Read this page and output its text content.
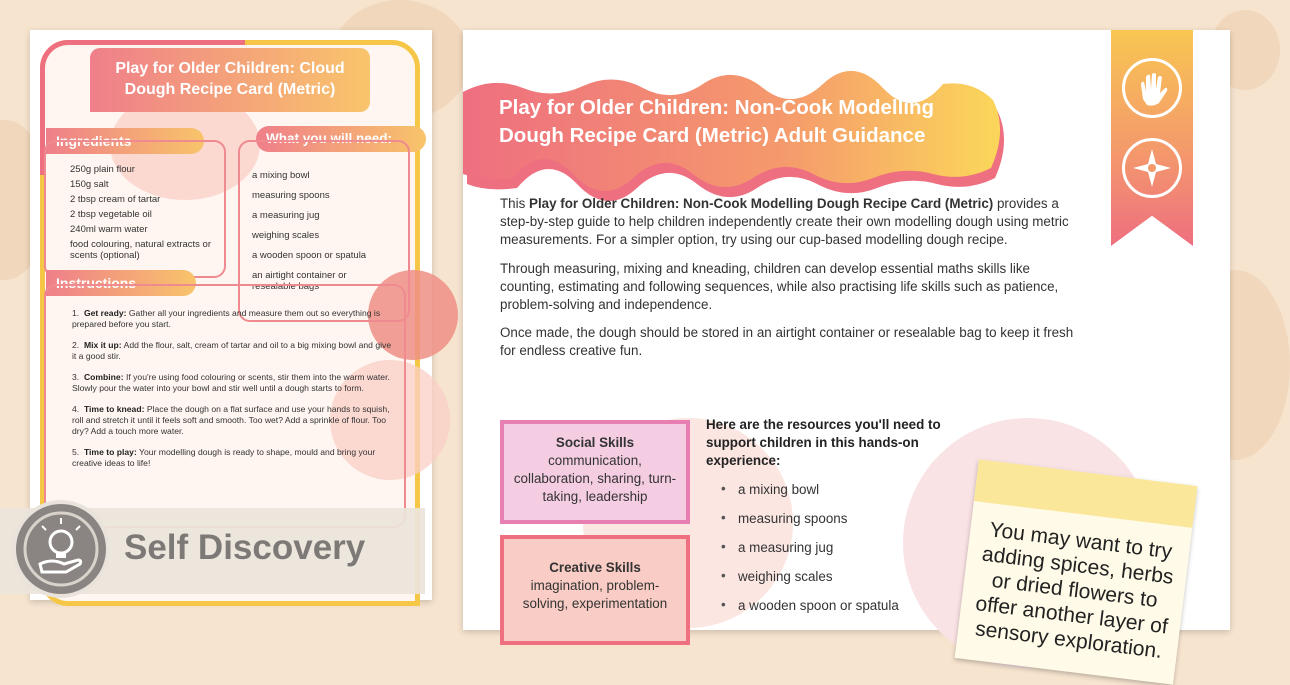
Play for Older Children: Cloud Dough Recipe Card (Metric)
Ingredients
250g plain flour
150g salt
2 tbsp cream of tartar
2 tbsp vegetable oil
240ml warm water
food colouring, natural extracts or scents (optional)
What you will need:
a mixing bowl
measuring spoons
a measuring jug
weighing scales
a wooden spoon or spatula
an airtight container or resealable bags
Instructions
1.  Get ready: Gather all your ingredients and measure them out so everything is prepared before you start.
2.  Mix it up: Add the flour, salt, cream of tartar and oil to a big mixing bowl and give it a good stir.
3.  Combine: If you're using food colouring or scents, stir them into the warm water. Slowly pour the water into your bowl and stir well until a dough starts to form.
4.  Time to knead: Place the dough on a flat surface and use your hands to squish, roll and stretch it until it feels soft and smooth. Too wet? Add a sprinkle of flour. Too dry? Add a touch more water.
5.  Time to play: Your modelling dough is ready to shape, mould and bring your creative ideas to life!
Self Discovery
Play for Older Children: Non-Cook Modelling Dough Recipe Card (Metric) Adult Guidance

This Play for Older Children: Non-Cook Modelling Dough Recipe Card (Metric) provides a step-by-step guide to help children independently create their own modelling dough using metric measurements. For a simpler option, try using our cup-based modelling dough recipe.

Through measuring, mixing and kneading, children can develop essential maths skills like counting, estimating and following sequences, while also practising life skills such as patience, problem-solving and independence.
Once made, the dough should be stored in an airtight container or resealable bag to keep it fresh for endless creative fun.
Social Skills
communication, collaboration, sharing, turn-taking, leadership
Creative Skills
imagination, problem-solving, experimentation
Here are the resources you'll need to support children in this hands-on experience:
• a mixing bowl
• measuring spoons
• a measuring jug
• weighing scales
• a wooden spoon or spatula
You may want to try adding spices, herbs or dried flowers to offer another layer of sensory exploration.
